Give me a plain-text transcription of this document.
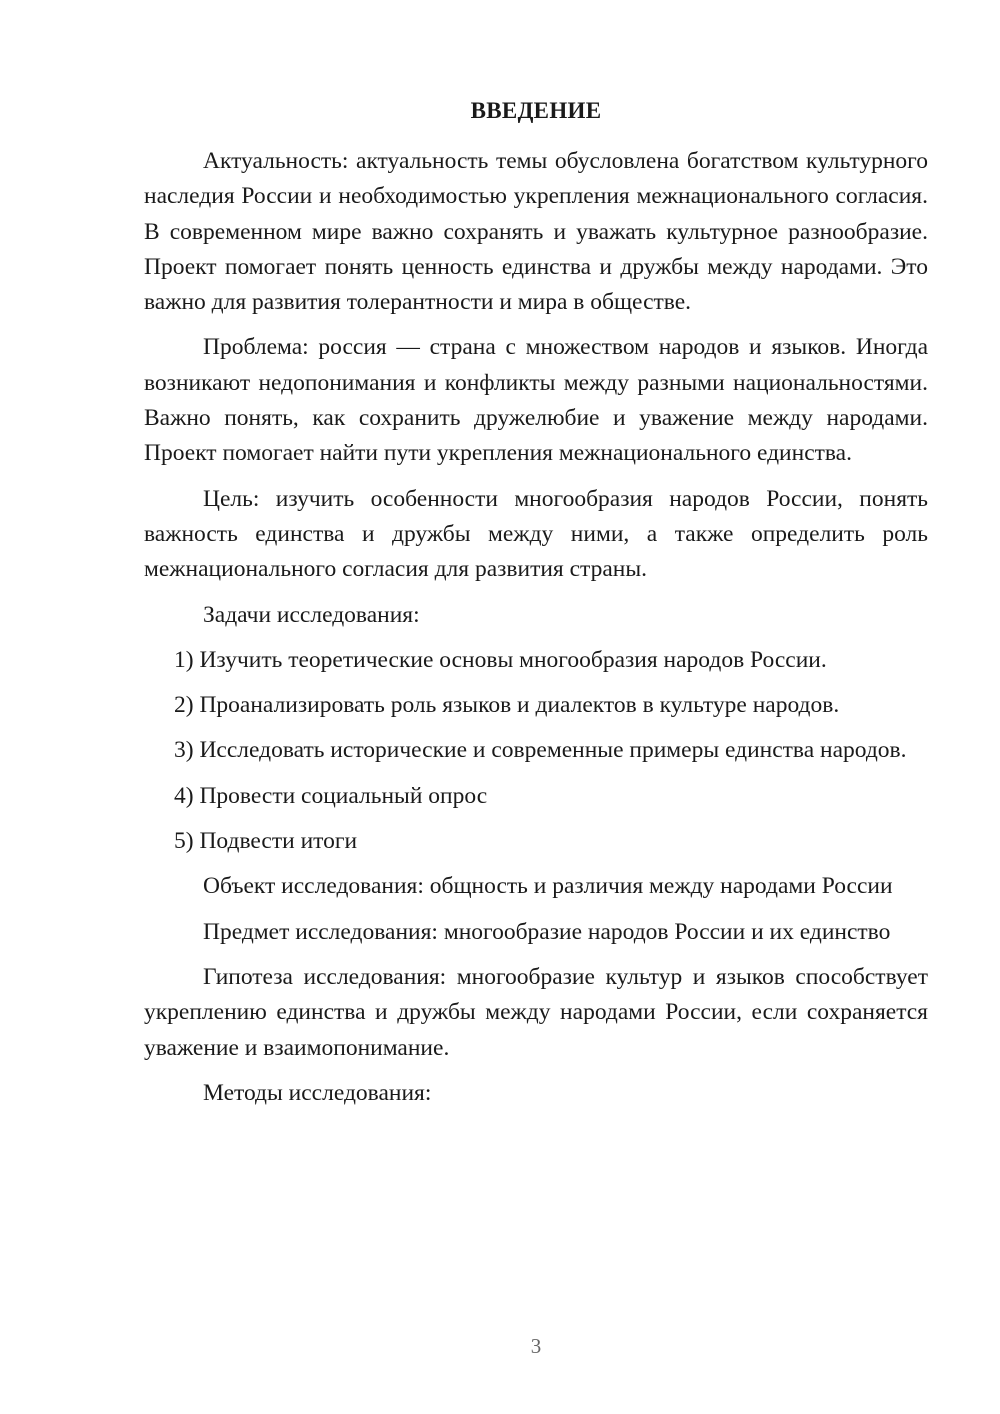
ВВЕДЕНИЕ

Актуальность: актуальность темы обусловлена богатством культурного наследия России и необходимостью укрепления межнационального согласия. В современном мире важно сохранять и уважать культурное разнообразие. Проект помогает понять ценность единства и дружбы между народами. Это важно для развития толерантности и мира в обществе.

Проблема: россия — страна с множеством народов и языков. Иногда возникают недопонимания и конфликты между разными национальностями. Важно понять, как сохранить дружелюбие и уважение между народами. Проект помогает найти пути укрепления межнационального единства.

Цель: изучить особенности многообразия народов России, понять важность единства и дружбы между ними, а также определить роль межнационального согласия для развития страны.

Задачи исследования:

1) Изучить теоретические основы многообразия народов России.

2) Проанализировать роль языков и диалектов в культуре народов.

3) Исследовать исторические и современные примеры единства народов.

4) Провести социальный опрос

5) Подвести итоги

Объект исследования: общность и различия между народами России

Предмет исследования: многообразие народов России и их единство

Гипотеза исследования: многообразие культур и языков способствует укреплению единства и дружбы между народами России, если сохраняется уважение и взаимопонимание.

Методы исследования:

3
